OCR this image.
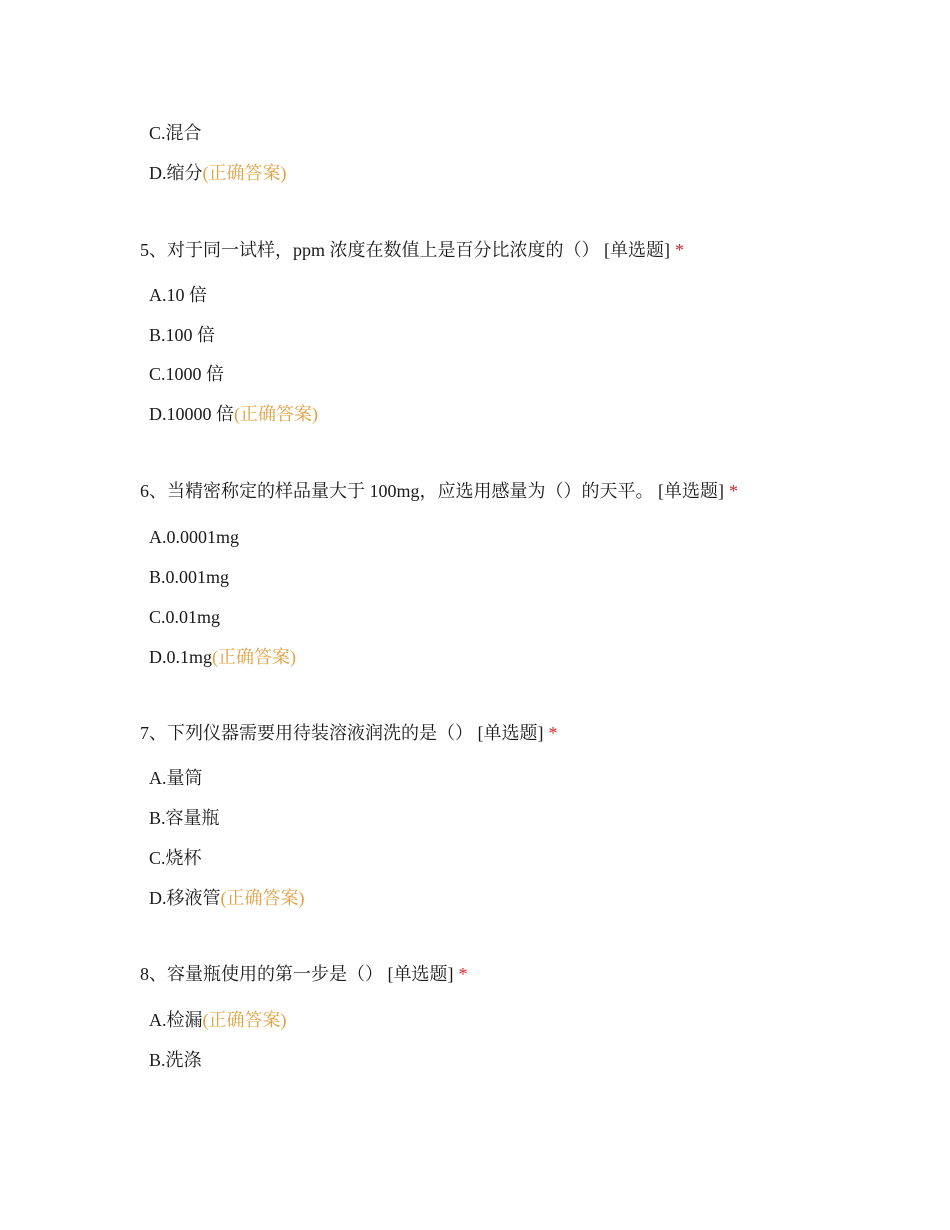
C.混合
D.缩分(正确答案)
5、对于同一试样，ppm 浓度在数值上是百分比浓度的（） [单选题] *
A.10 倍
B.100 倍
C.1000 倍
D.10000 倍(正确答案)
6、当精密称定的样品量大于 100mg，应选用感量为（）的天平。 [单选题] *
A.0.0001mg
B.0.001mg
C.0.01mg
D.0.1mg(正确答案)
7、下列仪器需要用待装溶液润洗的是（） [单选题] *
A.量筒
B.容量瓶
C.烧杯
D.移液管(正确答案)
8、容量瓶使用的第一步是（） [单选题] *
A.检漏(正确答案)
B.洗涤
